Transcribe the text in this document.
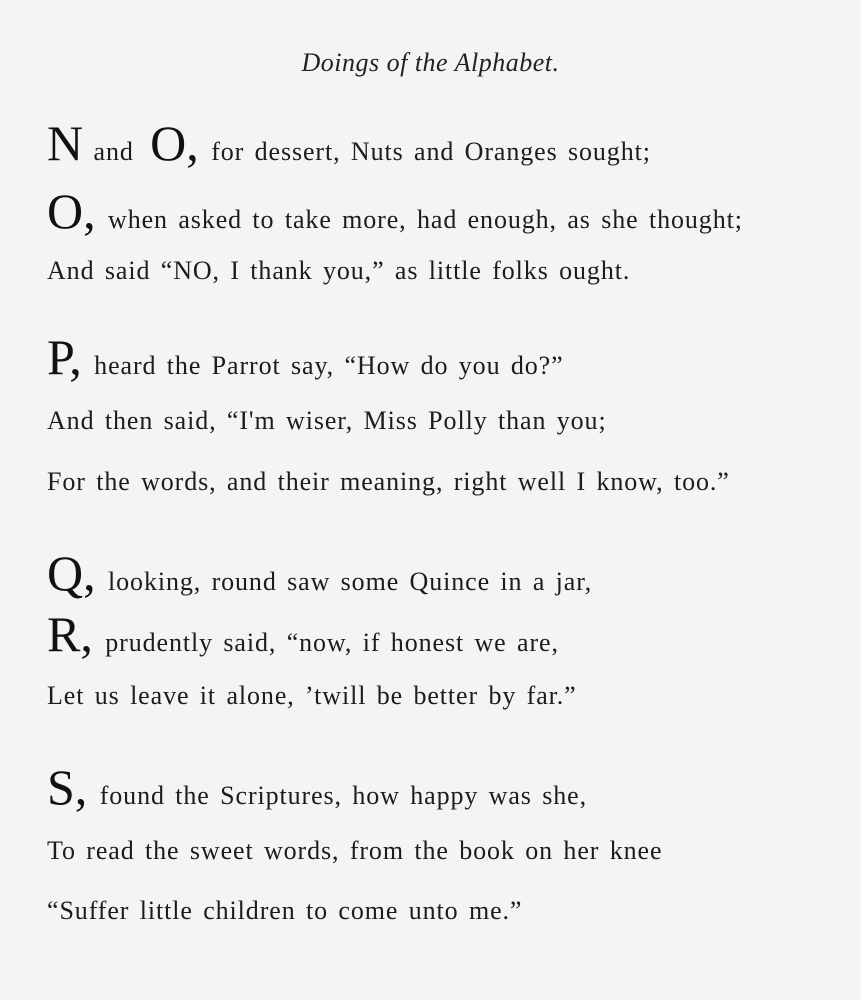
Doings of the Alphabet.
N and O, for dessert, Nuts and Oranges sought;
O, when asked to take more, had enough, as she thought;
And said “NO, I thank you,” as little folks ought.
P, heard the Parrot say, “How do you do?”
And then said, “I'm wiser, Miss Polly than you;
For the words, and their meaning, right well I know, too.”
Q, looking, round saw some Quince in a jar,
R, prudently said, “now, if honest we are,
Let us leave it alone, ’twill be better by far.”
S, found the Scriptures, how happy was she,
To read the sweet words, from the book on her knee
“Suffer little children to come unto me.”
